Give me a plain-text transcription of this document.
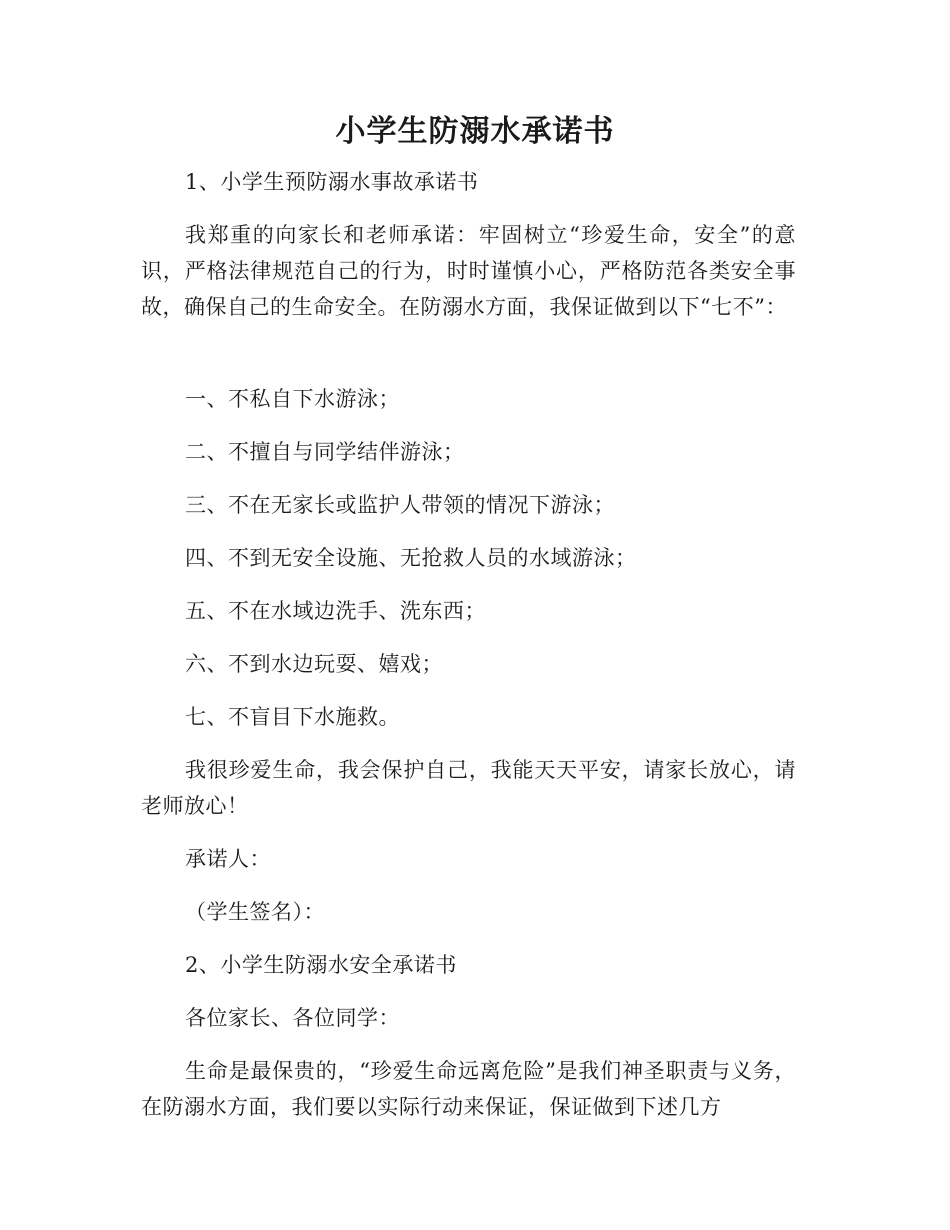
小学生防溺水承诺书

1、小学生预防溺水事故承诺书

我郑重的向家长和老师承诺：牢固树立“珍爱生命，安全”的意识，严格法律规范自己的行为，时时谨慎小心，严格防范各类安全事故，确保自己的生命安全。在防溺水方面，我保证做到以下“七不”：

一、不私自下水游泳；

二、不擅自与同学结伴游泳；

三、不在无家长或监护人带领的情况下游泳；

四、不到无安全设施、无抢救人员的水域游泳；

五、不在水域边洗手、洗东西；

六、不到水边玩耍、嬉戏；

七、不盲目下水施救。

我很珍爱生命，我会保护自己，我能天天平安，请家长放心，请老师放心！

承诺人：

（学生签名）：

2、小学生防溺水安全承诺书

各位家长、各位同学：

生命是最保贵的，“珍爱生命远离危险”是我们神圣职责与义务，在防溺水方面，我们要以实际行动来保证，保证做到下述几方
